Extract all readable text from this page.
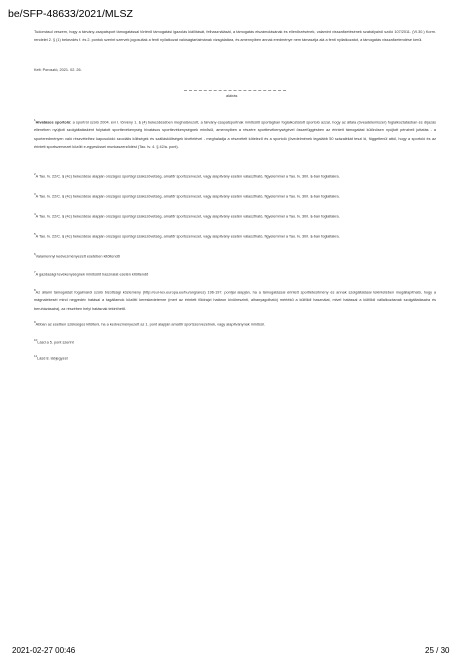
be/SFP-48633/2021/MLSZ

Tudomásul veszem, hogy a tárvány-csapatsport támogatással történő támogatási igazolás kiállítását, felhasználását, a támogatás elszámolásának és ellenőrzésének, valamint visszafizetésének szabályairól szóló 107/2011. (VI.30.) Korm. rendelet 2. § (1) bekezdés f. és 2. pontok szerint szervek jogosultak a fenti nyilatkozat valóságtartalmának vizsgálatára, és amennyiben annak eredménye nem támasztja alá a fenti nyilatkozatot, a támogatás visszafizetendése kerül.

Kelt: Poroszló, 2021. 02. 26.
aláírás
$^1$Hivatásos sportoló: a sportról szóló 2004. évi I. törvény 1. § (4) bekezdésében meghatározott, a tárvány-csapatsportnak minősülő sportágban foglalkoztatott sportoló azzal, hogy az általa (öveadélemiszer) foglalkoztatásban és díjazás ellenében nyújtott szolgáltatásként folytatott sporttevékenység hivatásos sporttevékenységnek minősül, amennyiben a részére sporttevékenységével összefüggésben az érintett támogatást különösen nyújtott pénzbeli juttatás - a sporteredményen való részvételhez kapcsolódó szociális költségek és szállásköltségek kivételével - meghaladja a részvételt kötelező és a sportoló (övedelmének legalább 50 százalékát teszi ki, függetlenül attól, hogy a sportoló és az érintett sportszervezet között e-egyesüssel munkaszerződést (Tao. tv. 4. § 42/a. pont).
$^2$A Tao. tv. 22/C. § (4c) bekezdése alapján országos sportági szakszövetség, amatőr sportszervezet, vagy alapítvány esetén választható, figyelemmel a Tao. tv. 30/I. §-ban foglaltakra.
$^3$A Tao. tv. 22/C. § (4c) bekezdése alapján országos sportági szakszövetség, amatőr sportszervezet, vagy alapítvány esetén választható, figyelemmel a Tao. tv. 30/I. §-ban foglaltakra.
$^4$A Tao. tv. 22/C. § (4c) bekezdése alapján országos sportági szakszövetség, amatőr sportszervezet, vagy alapítvány esetén választható, figyelemmel a Tao. tv. 30/I. §-ban foglaltakra.
$^5$A Tao. tv. 22/C. § (4c) bekezdése alapján országos sportági szakszövetség, amatőr sportszervezet, vagy alapítvány esetén választható, figyelemmel a Tao. tv. 30/I. §-ban foglaltakra.
$^6$Valamennyi kedvezményezett esetében kitöltendő
$^7$A gazdasági tevékenységnek minősülő hasznalat esetén kitöltendő
$^8$Az állami támogatást fogalmáról szóló bizottsági közlemény (http://eur-lex.europa.eu/hu/ang/ares) 196-197. pontjai alapján, ha a támogatással érintett sportlétesítmény és annak szolgáltatásai tekintetében megállapítható, hogy a mágnalekeséi mind negyedév hatásai a tagállamok közötti kereskedelemre (mert az érintett földrajzi határon kívülreszinti, alhanyagolható) mértékű a külföldi használat, mivel hatással a külföldi vállalkozásnak szolgáltatásaira és beruházásaira), az részében helyi hatásnak tekinthető.
$^9$Abban az esetben szükséges kitölteni, ha a kedvezményezett az 1. pont alapján amatőr sportszervezetnek, vagy alapítványnak minősül.
$^{10}$Lásd a 5. pont szerint
$^{11}$Lásd 8. lábjegyzet
2021-02-27 00:46	25 / 30
